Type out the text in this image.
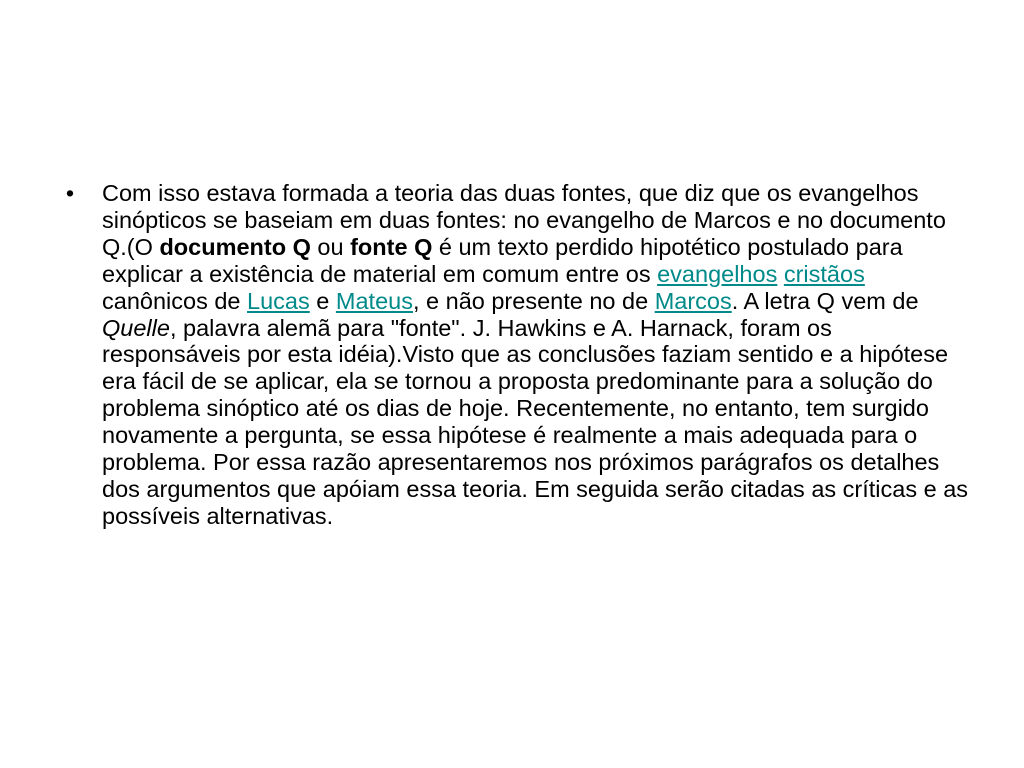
• Com isso estava formada a teoria das duas fontes, que diz que os evangelhos sinópticos se baseiam em duas fontes: no evangelho de Marcos e no documento Q.(O documento Q ou fonte Q é um texto perdido hipotético postulado para explicar a existência de material em comum entre os evangelhos cristãos canônicos de Lucas e Mateus, e não presente no de Marcos. A letra Q vem de Quelle, palavra alemã para "fonte". J. Hawkins e A. Harnack, foram os responsáveis por esta idéia).Visto que as conclusões faziam sentido e a hipótese era fácil de se aplicar, ela se tornou a proposta predominante para a solução do problema sinóptico até os dias de hoje. Recentemente, no entanto, tem surgido novamente a pergunta, se essa hipótese é realmente a mais adequada para o problema. Por essa razão apresentaremos nos próximos parágrafos os detalhes dos argumentos que apóiam essa teoria. Em seguida serão citadas as críticas e as possíveis alternativas.
